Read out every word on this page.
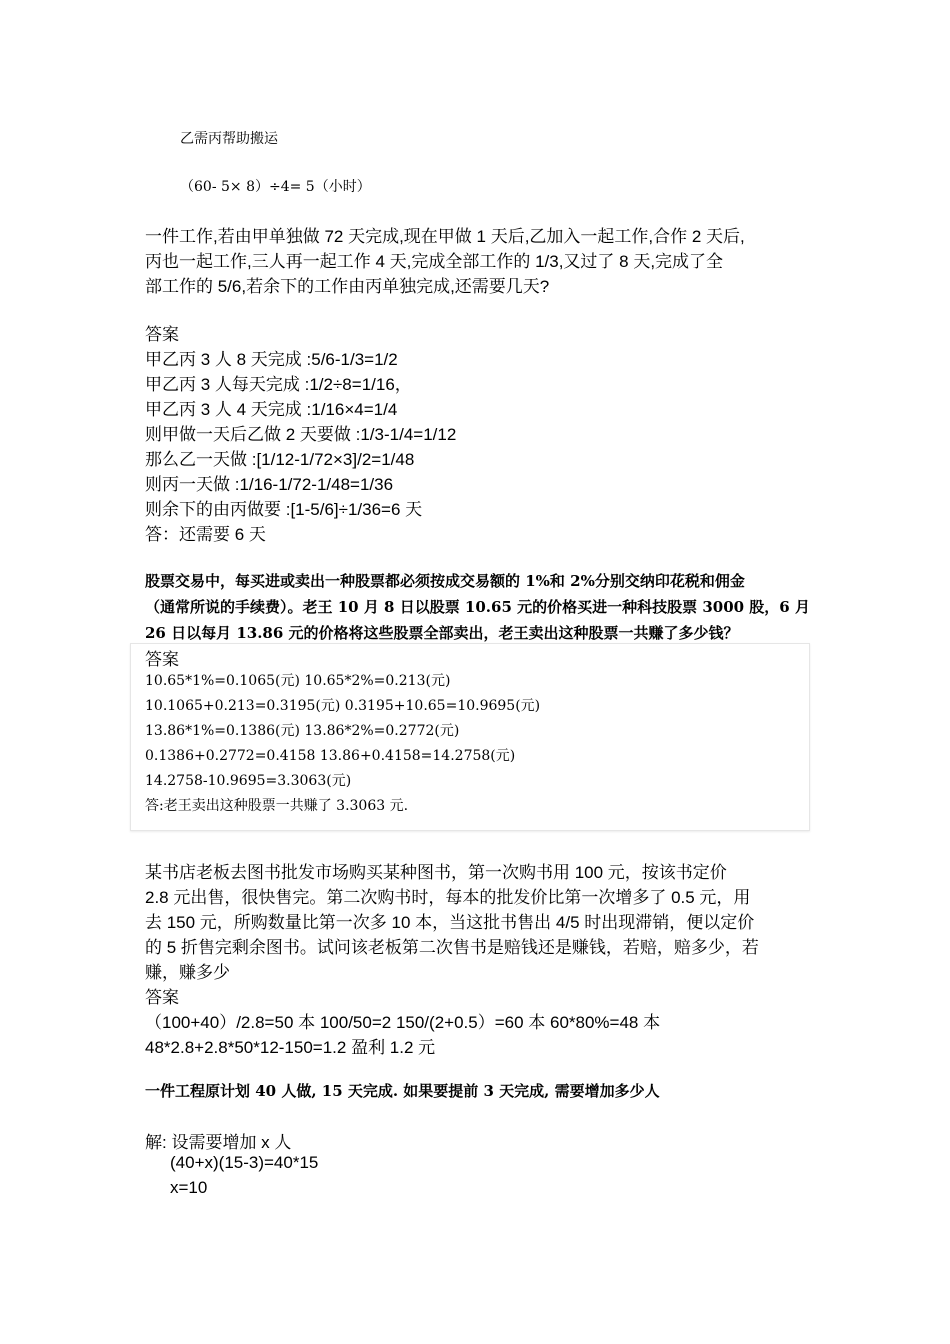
乙需丙帮助搬运
（60- 5× 8）÷4= 5（小时）
一件工作,若由甲单独做 72 天完成,现在甲做 1 天后,乙加入一起工作,合作 2 天后,
丙也一起工作,三人再一起工作 4 天,完成全部工作的 1/3,又过了 8 天,完成了全
部工作的 5/6,若余下的工作由丙单独完成,还需要几天?
答案
甲乙丙 3 人 8 天完成 :5/6-1/3=1/2
甲乙丙 3 人每天完成 :1/2÷8=1/16，
甲乙丙 3 人 4 天完成 :1/16×4=1/4
则甲做一天后乙做 2 天要做 :1/3-1/4=1/12
那么乙一天做 :[1/12-1/72×3]/2=1/48
则丙一天做 :1/16-1/72-1/48=1/36
则余下的由丙做要 :[1-5/6]÷1/36=6 天
答：还需要 6 天
股票交易中，每买进或卖出一种股票都必须按成交易额的 1%和 2%分别交纳印花税和佣金
（通常所说的手续费）。老王 10 月 8 日以股票 10.65 元的价格买进一种科技股票 3000 股，6 月
26 日以每月 13.86 元的价格将这些股票全部卖出，老王卖出这种股票一共赚了多少钱？
答案
10.65*1%=0.1065(元) 10.65*2%=0.213(元)
10.1065+0.213=0.3195(元) 0.3195+10.65=10.9695(元)
13.86*1%=0.1386(元) 13.86*2%=0.2772(元)
0.1386+0.2772=0.4158 13.86+0.4158=14.2758(元)
14.2758-10.9695=3.3063(元)
答:老王卖出这种股票一共赚了 3.3063 元.
某书店老板去图书批发市场购买某种图书，第一次购书用 100 元，按该书定价
2.8 元出售，很快售完。第二次购书时，每本的批发价比第一次增多了 0.5 元，用
去 150 元，所购数量比第一次多 10 本，当这批书售出 4/5 时出现滞销，便以定价
的 5 折售完剩余图书。试问该老板第二次售书是赔钱还是赚钱，若赔，赔多少，若
赚，赚多少
答案
（100+40）/2.8=50 本 100/50=2 150/(2+0.5）=60 本 60*80%=48 本
48*2.8+2.8*50*12-150=1.2 盈利 1.2 元
一件工程原计划 40 人做, 15 天完成. 如果要提前 3 天完成, 需要增加多少人
解: 设需要增加 x 人
(40+x)(15-3)=40*15
x=10
